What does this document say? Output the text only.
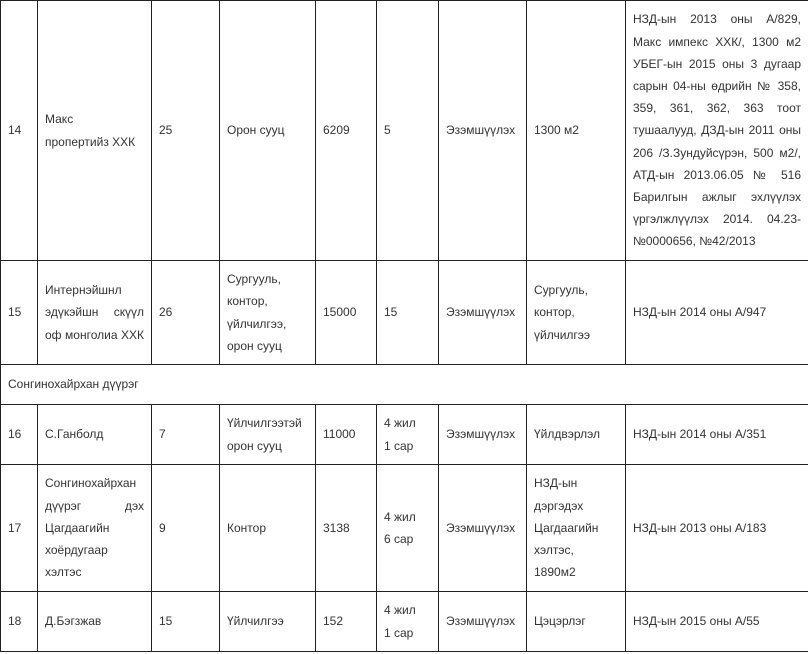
14	Макс
пропертийз ХХК	25	Орон сууц	6209	5	Эзэмшүүлэх	1300 м2	НЗД-ын 2013 оны А/829, Макс импекс ХХК/, 1300 м2 УБЕГ-ын 2015 оны 3 дугаар сарын 04-ны өдрийн № 358, 359, 361, 362, 363 тоот тушаалууд, ДЗД-ын 2011 оны 206 /З.Зундуйсүрэн, 500 м2/, АТД-ын 2013.06.05 № 516 Барилгын ажлыг эхлүүлэх үргэлжлүүлэх 2014. 04.23-№0000656, №42/2013
15	Интернэйшнл эдүкэйшн скүүл оф монголиа ХХК	26	Сургууль,
контор,
үйлчилгээ,
орон сууц	15000	15	Эзэмшүүлэх	Сургууль,
контор,
үйлчилгээ	НЗД-ын 2014 оны А/947
Сонгинохайрхан дүүрэг								
16	С.Ганболд	7	Үйлчилгээтэй
орон сууц	11000	4 жил
1 сар	Эзэмшүүлэх	Үйлдвэрлэл	НЗД-ын 2014 оны А/351
17	Сонгинохайрхан дүүрэг дэх Цагдаагийн хоёрдугаар хэлтэс	9	Контор	3138	4 жил
6 сар	Эзэмшүүлэх	НЗД-ын
дэргэдэх
Цагдаагийн
хэлтэс,
1890м2	НЗД-ын 2013 оны А/183
18	Д.Бэгзжав	15	Үйлчилгээ	152	4 жил
1 сар	Эзэмшүүлэх	Цэцэрлэг	НЗД-ын 2015 оны А/55
